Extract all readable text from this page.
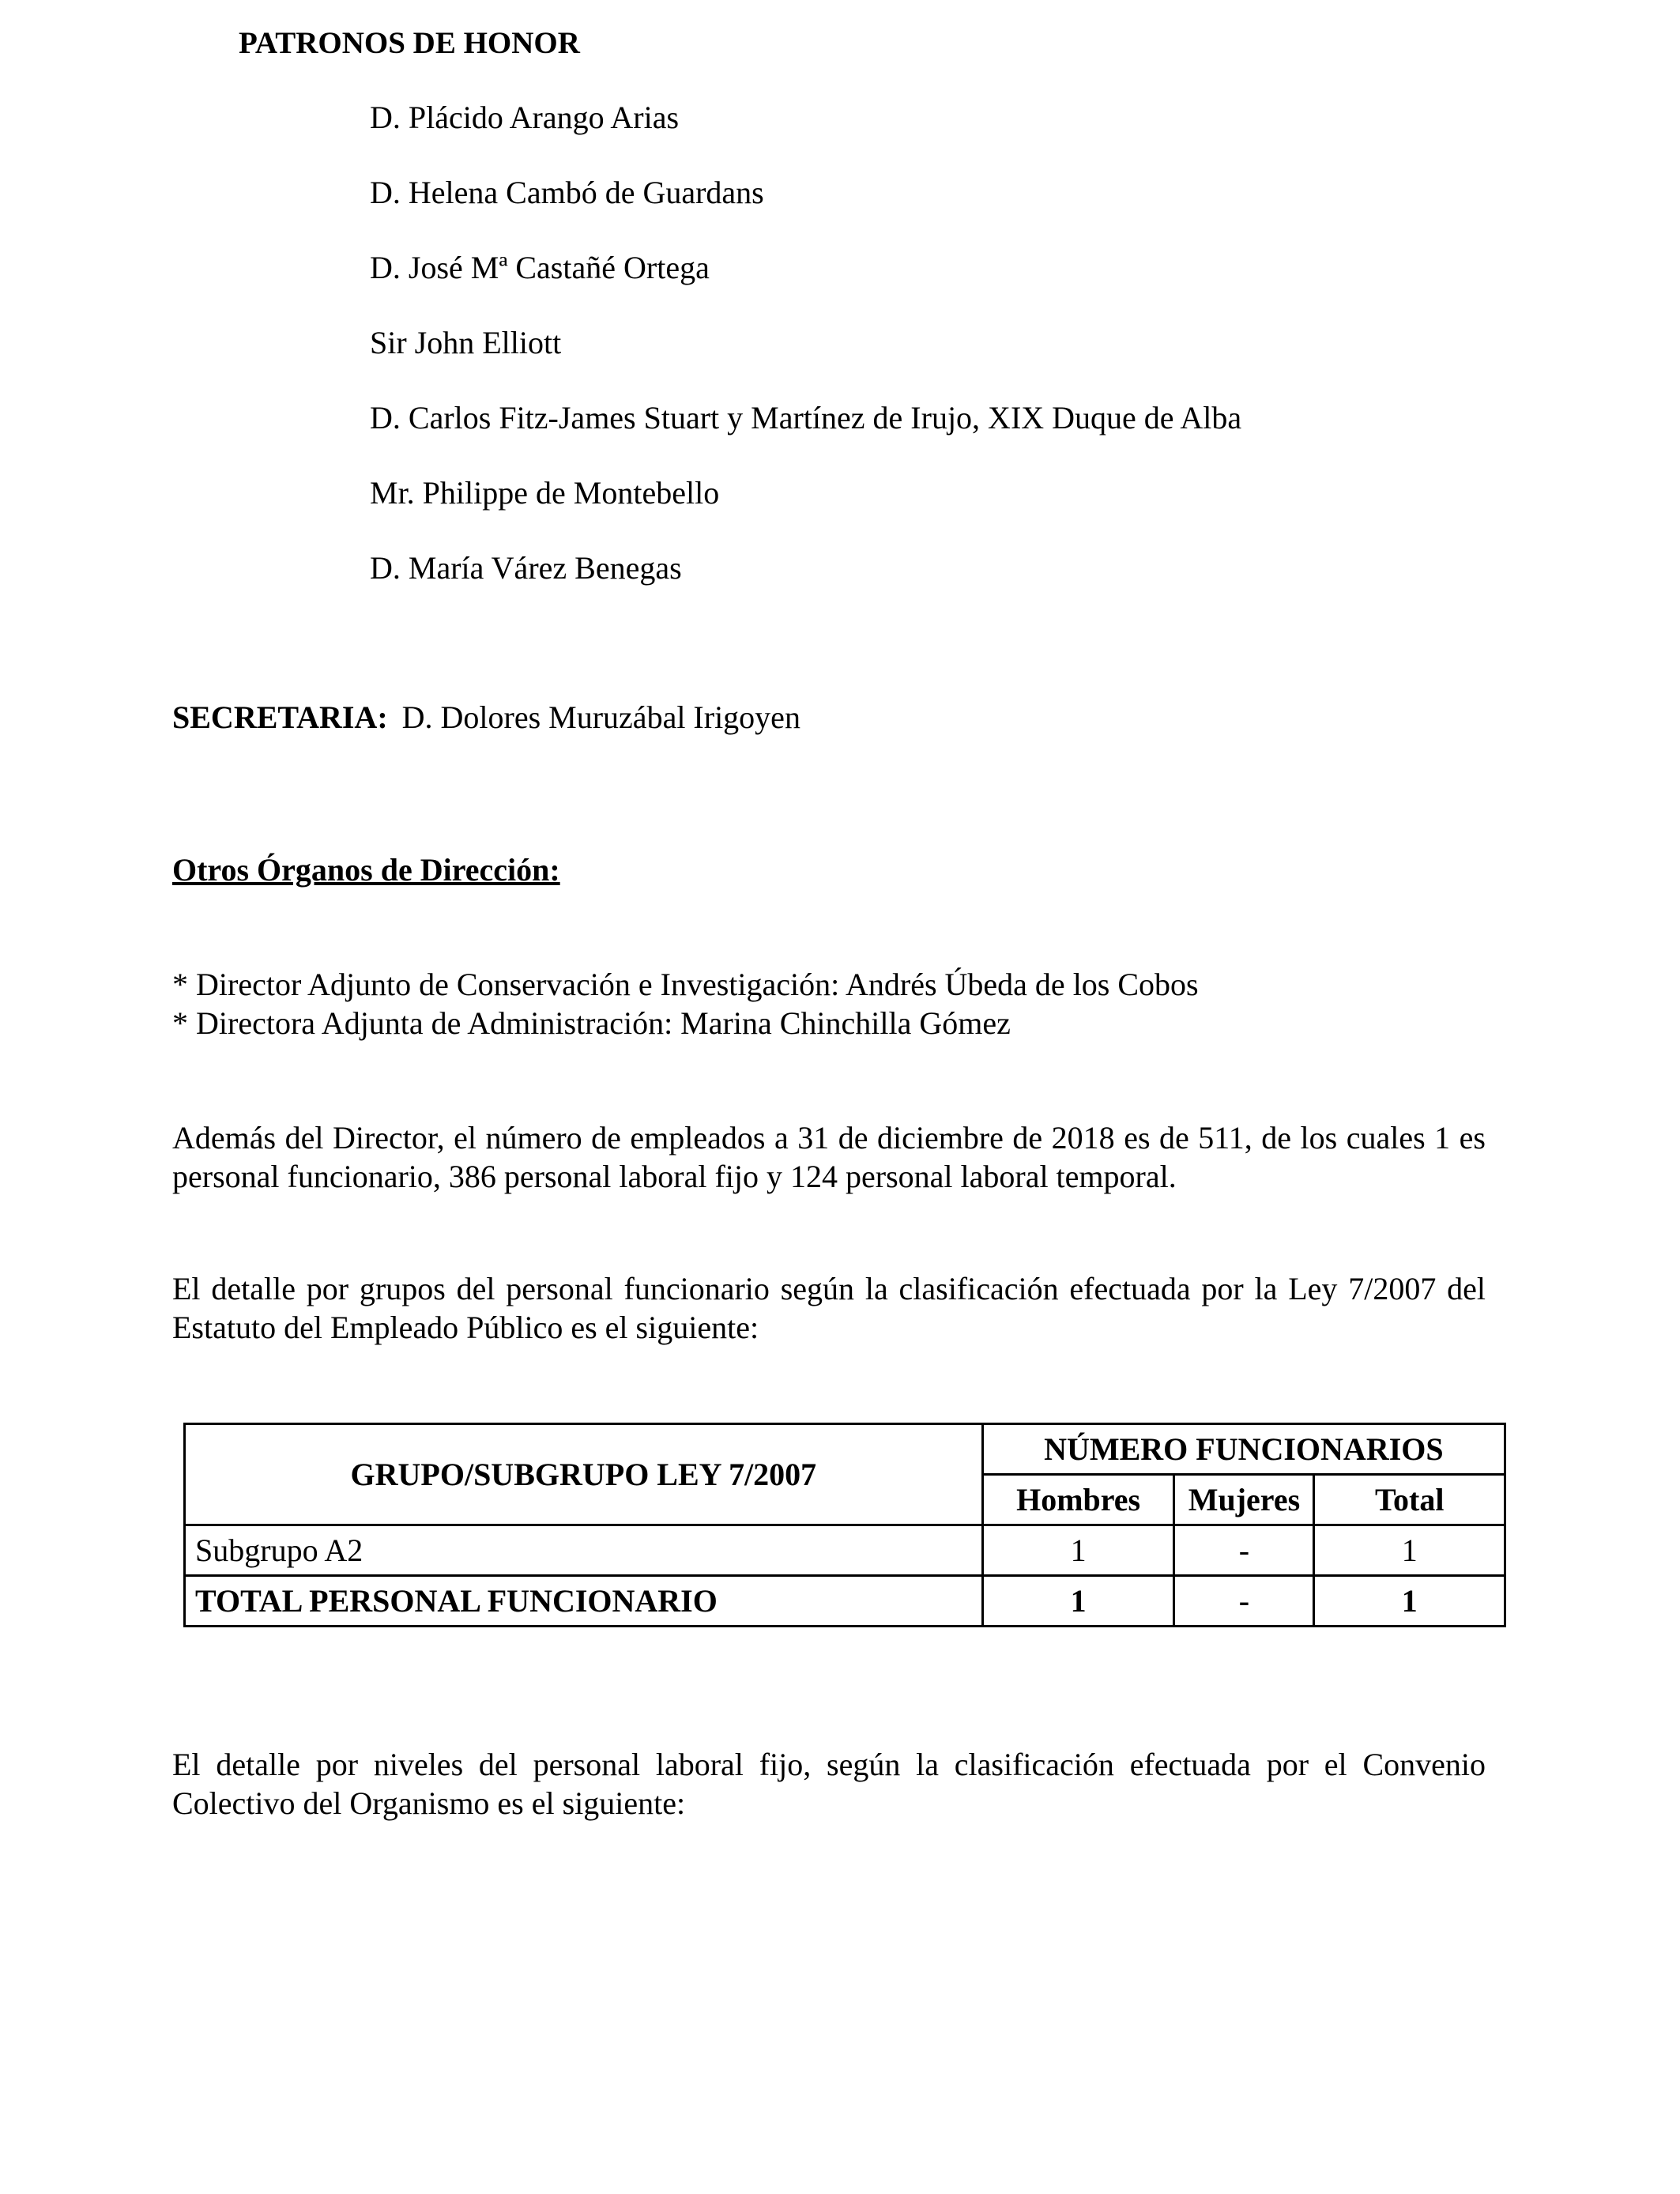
PATRONOS DE HONOR
D. Plácido Arango Arias
D. Helena Cambó de Guardans
D. José Mª Castañé Ortega
Sir John Elliott
D. Carlos Fitz-James Stuart y Martínez de Irujo, XIX Duque de Alba
Mr. Philippe de Montebello
D. María Várez Benegas
SECRETARIA: D. Dolores Muruzábal Irigoyen
Otros Órganos de Dirección:
* Director Adjunto de Conservación e Investigación: Andrés Úbeda de los Cobos
* Directora Adjunta de Administración: Marina Chinchilla Gómez
Además del Director, el número de empleados a 31 de diciembre de 2018 es de 511, de los cuales 1 es personal funcionario, 386 personal laboral fijo y 124 personal laboral temporal.
El detalle por grupos del personal funcionario según la clasificación efectuada por la Ley 7/2007 del Estatuto del Empleado Público es el siguiente:
GRUPO/SUBGRUPO LEY 7/2007	NÚMERO FUNCIONARIOS		
	Hombres	Mujeres	Total
Subgrupo A2	1	-	1
TOTAL PERSONAL FUNCIONARIO	1	-	1
El detalle por niveles del personal laboral fijo, según la clasificación efectuada por el Convenio Colectivo del Organismo es el siguiente:
